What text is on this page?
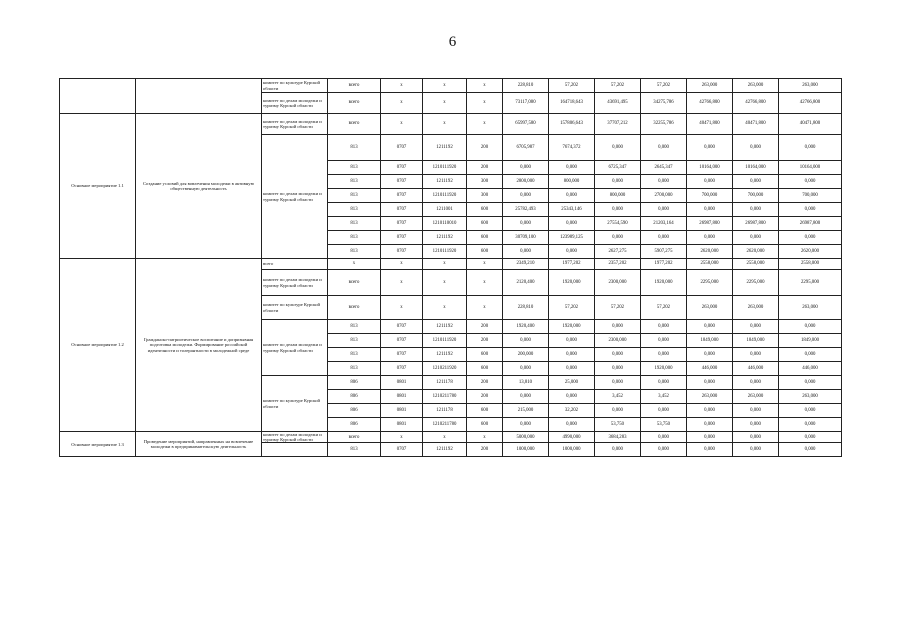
6
		комитет по культуре Курской области	всего	x	x	x	228,810	57,202	57,202	57,202	263,000	263,000	263,000
		комитет по делам молодежи и туризму Курской области	всего	x	x	x	73117,080	164718,643	43691,495	34275,786	42766,800	42766,800	42766,800
Основное мероприятие 1.1	Создание условий для вовлечения молодежи в активную общественную деятельность	комитет по делам молодежи и туризму Курской области	всего	x	x	x	65997,580	157806,643	37707,212	32255,786	40471,800	40471,800	40471,800
		комитет по делам молодежи и туризму Курской области	813	0707	1211192	200	6705,987	7674,372	0,000	0,000	0,000	0,000	0,000
			813	0707	1210111920	200	0,000	0,000	6725,347	2645,347	10164,000	10164,000	10164,000
			813	0707	1211192	300	2800,000	800,000	0,000	0,000	0,000	0,000	0,000
			813	0707	1210111920	300	0,000	0,000	800,000	2700,000	700,000	700,000	700,000
			813	0707	1211001	600	25782,493	25343,146	0,000	0,000	0,000	0,000	0,000
			813	0707	1210110010	600	0,000	0,000	27554,590	21203,164	26987,800	26987,800	26987,800
			813	0707	1211192	600	30709,100	123989,125	0,000	0,000	0,000	0,000	0,000
			813	0707	1210111920	600	0,000	0,000	2627,275	5907,275	2620,000	2620,000	2620,000
Основное мероприятие 1.2	Гражданско-патриотическое воспитание и допризывная подготовка молодежи. Формирование российской идентичности и толерантности в молодежной среде	всего	x	x	x	x	2349,210	1977,202	2357,202	1977,202	2558,000	2558,000	2558,000
		комитет по делам молодежи и туризму Курской области	всего	x	x	x	2120,400	1920,000	2300,000	1920,000	2295,000	2295,000	2295,000
		комитет по культуре Курской области	всего	x	x	x	228,810	57,202	57,202	57,202	263,000	263,000	263,000
		комитет по делам молодежи и туризму Курской области	813	0707	1211192	200	1920,400	1920,000	0,000	0,000	0,000	0,000	0,000
			813	0707	1210111920	200	0,000	0,000	2300,000	0,000	1849,000	1849,000	1849,000
			813	0707	1211192	600	200,000	0,000	0,000	0,000	0,000	0,000	0,000
			813	0707	1210211920	600	0,000	0,000	0,000	1920,000	446,000	446,000	446,000
		комитет по культуре Курской области	806	0801	1211178	200	13,810	25,000	0,000	0,000	0,000	0,000	0,000
			806	0801	1210211780	200	0,000	0,000	3,452	3,452	263,000	263,000	263,000
			806	0801	1211178	600	215,000	32,202	0,000	0,000	0,000	0,000	0,000
			806	0801	1210211780	600	0,000	0,000	53,750	53,750	0,000	0,000	0,000
Основное мероприятие 1.3	Проведение мероприятий, направленных на вовлечение молодежи в предпринимательскую деятельность	комитет по делам молодежи и туризму Курской области	всего	x	x	x	5000,000	4990,000	3684,283	0,000	0,000	0,000	0,000
			813	0707	1211192	200	1000,000	1000,000	0,000	0,000	0,000	0,000	0,000
